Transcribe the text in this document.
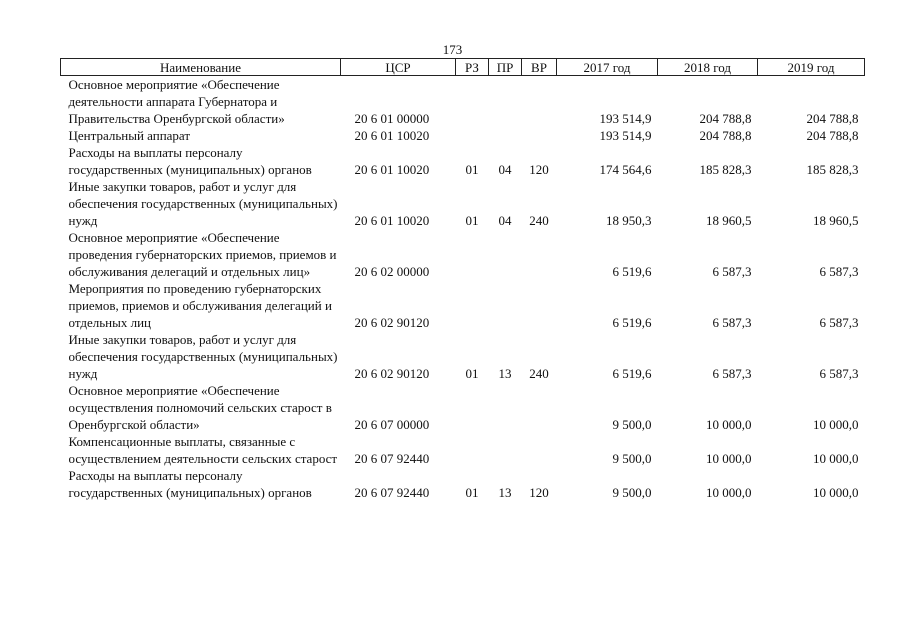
173
Наименование	ЦСР	РЗ	ПР	ВР	2017 год	2018 год	2019 год
Основное мероприятие «Обеспечение деятельности аппарата Губернатора и Правительства Оренбургской области»	20 6 01 00000				193 514,9	204 788,8	204 788,8
Центральный аппарат	20 6 01 10020				193 514,9	204 788,8	204 788,8
Расходы на выплаты персоналу государственных (муниципальных) органов	20 6 01 10020	01	04	120	174 564,6	185 828,3	185 828,3
Иные закупки товаров, работ и услуг для обеспечения государственных (муниципальных) нужд	20 6 01 10020	01	04	240	18 950,3	18 960,5	18 960,5
Основное мероприятие «Обеспечение проведения губернаторских приемов, приемов и обслуживания делегаций и отдельных лиц»	20 6 02 00000				6 519,6	6 587,3	6 587,3
Мероприятия по проведению губернаторских приемов, приемов и обслуживания делегаций и отдельных лиц	20 6 02 90120				6 519,6	6 587,3	6 587,3
Иные закупки товаров, работ и услуг для обеспечения государственных (муниципальных) нужд	20 6 02 90120	01	13	240	6 519,6	6 587,3	6 587,3
Основное мероприятие «Обеспечение осуществления полномочий сельских старост в Оренбургской области»	20 6 07 00000				9 500,0	10 000,0	10 000,0
Компенсационные выплаты, связанные с осуществлением деятельности сельских старост	20 6 07 92440				9 500,0	10 000,0	10 000,0
Расходы на выплаты персоналу государственных (муниципальных) органов	20 6 07 92440	01	13	120	9 500,0	10 000,0	10 000,0
